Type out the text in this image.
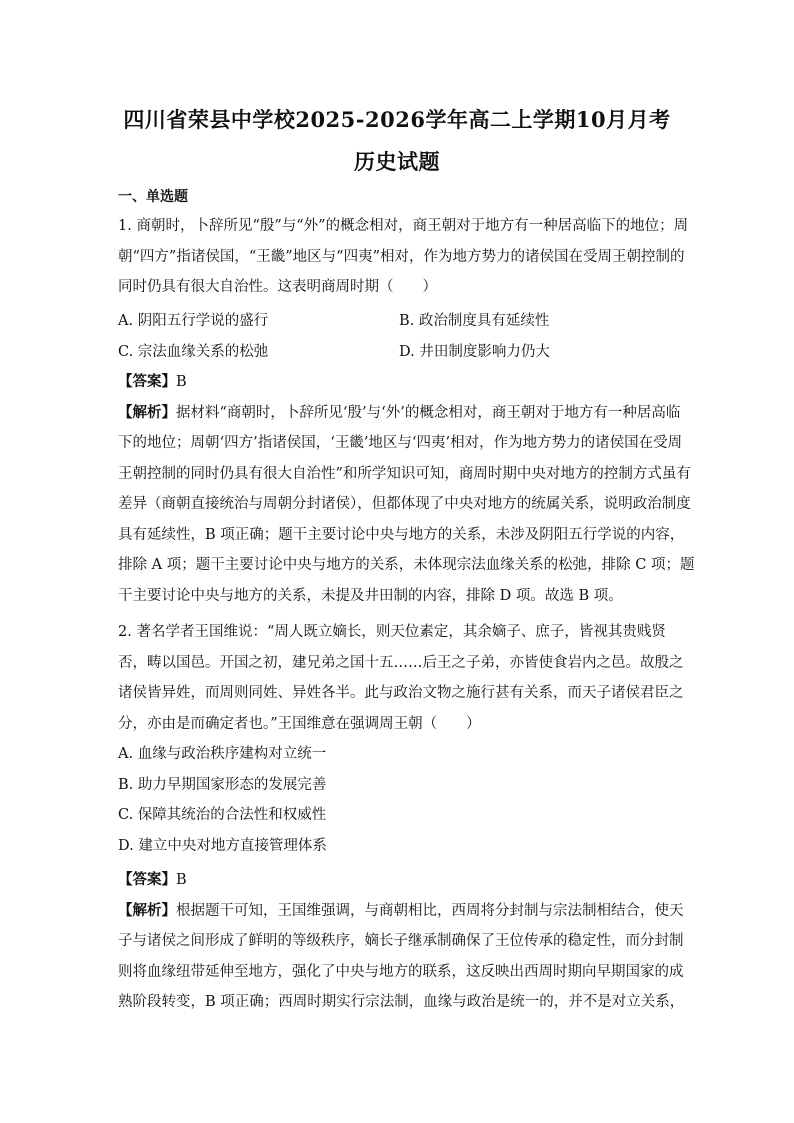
四川省荣县中学校2025-2026学年高二上学期10月月考
历史试题
一、单选题
1. 商朝时，卜辞所见“殷”与“外”的概念相对，商王朝对于地方有一种居高临下的地位；周
朝“四方”指诸侯国，“王畿”地区与“四夷”相对，作为地方势力的诸侯国在受周王朝控制的
同时仍具有很大自治性。这表明商周时期（　　）
A. 阴阳五行学说的盛行	B. 政治制度具有延续性
C. 宗法血缘关系的松弛	D. 井田制度影响力仍大
【答案】B
【解析】据材料“商朝时，卜辞所见‘殷’与‘外’的概念相对，商王朝对于地方有一种居高临
下的地位；周朝‘四方’指诸侯国，‘王畿’地区与‘四夷’相对，作为地方势力的诸侯国在受周
王朝控制的同时仍具有很大自治性”和所学知识可知，商周时期中央对地方的控制方式虽有
差异（商朝直接统治与周朝分封诸侯），但都体现了中央对地方的统属关系，说明政治制度
具有延续性，B 项正确；题干主要讨论中央与地方的关系，未涉及阴阳五行学说的内容，
排除 A 项；题干主要讨论中央与地方的关系，未体现宗法血缘关系的松弛，排除 C 项；题
干主要讨论中央与地方的关系，未提及井田制的内容，排除 D 项。故选 B 项。
2. 著名学者王国维说：“周人既立嫡长，则天位素定，其余嫡子、庶子，皆视其贵贱贤
否，畴以国邑。开国之初，建兄弟之国十五……后王之子弟，亦皆使食岩内之邑。故殷之
诸侯皆异姓，而周则同姓、异姓各半。此与政治文物之施行甚有关系，而天子诸侯君臣之
分，亦由是而确定者也。”王国维意在强调周王朝（　　）
A. 血缘与政治秩序建构对立统一
B. 助力早期国家形态的发展完善
C. 保障其统治的合法性和权威性
D. 建立中央对地方直接管理体系
【答案】B
【解析】根据题干可知，王国维强调，与商朝相比，西周将分封制与宗法制相结合，使天
子与诸侯之间形成了鲜明的等级秩序，嫡长子继承制确保了王位传承的稳定性，而分封制
则将血缘纽带延伸至地方，强化了中央与地方的联系，这反映出西周时期向早期国家的成
熟阶段转变，B 项正确；西周时期实行宗法制，血缘与政治是统一的，并不是对立关系，
